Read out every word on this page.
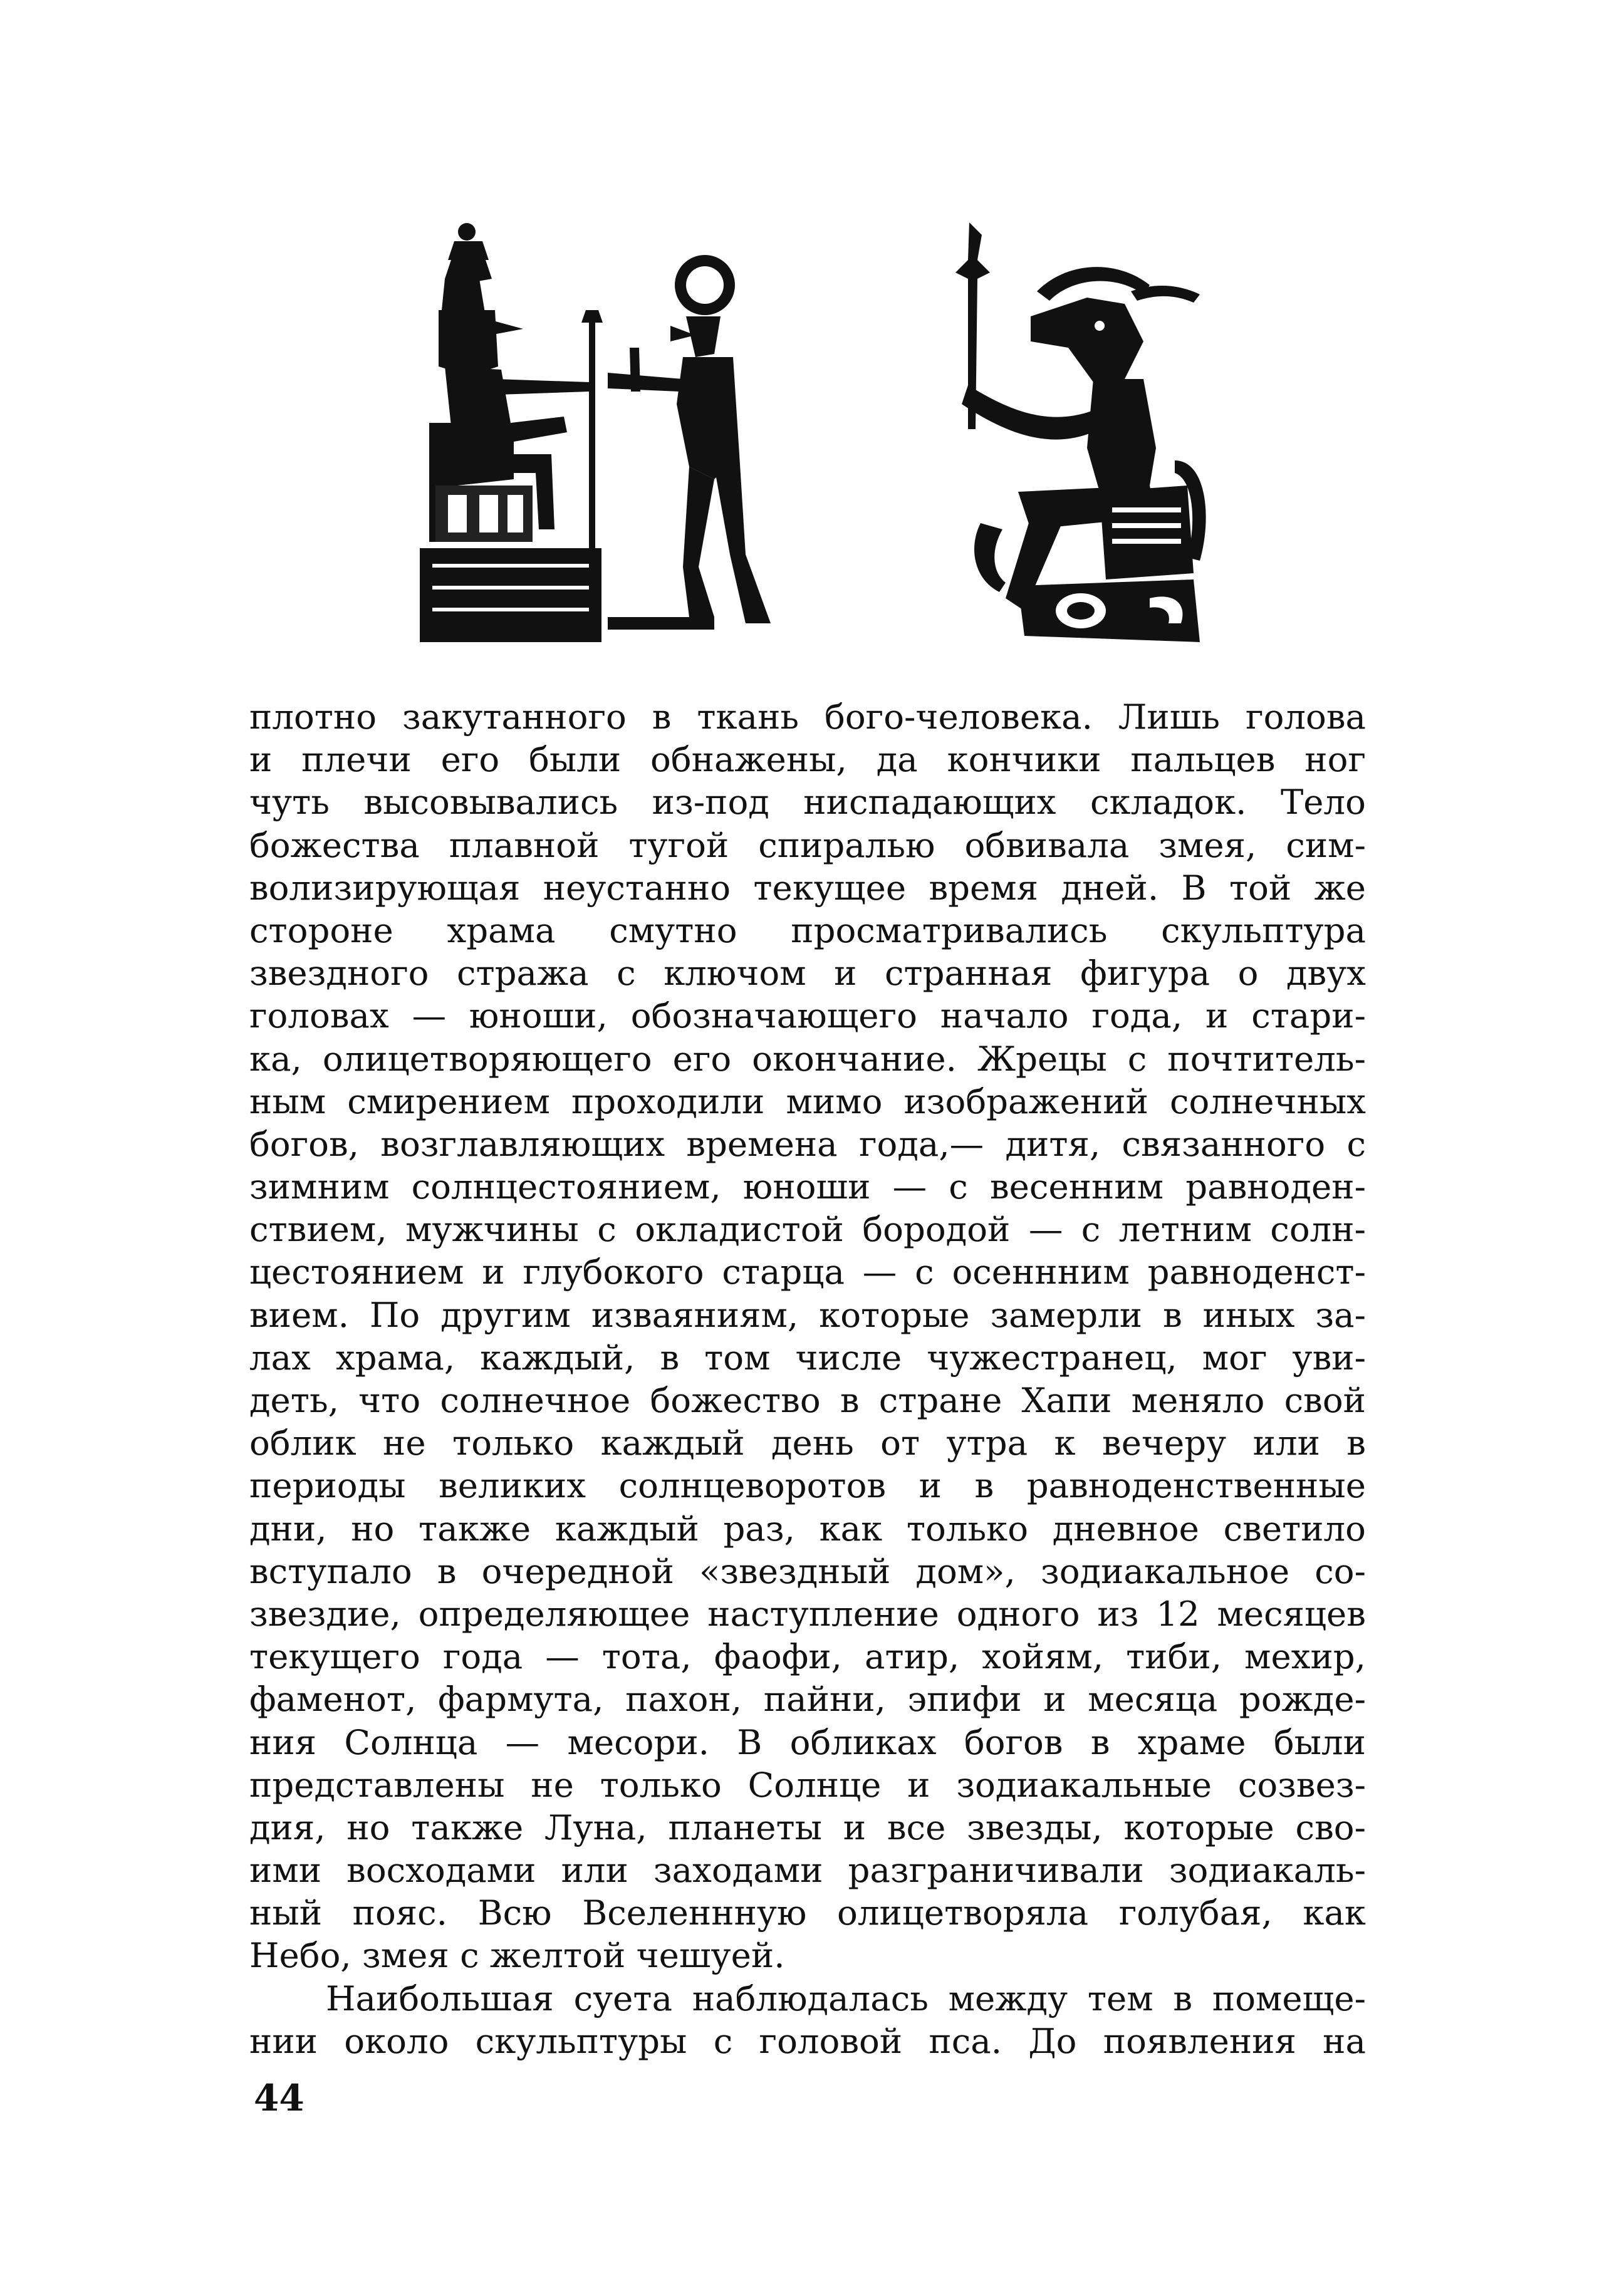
плотно закутанного в ткань бого-человека. Лишь голова
и плечи его были обнажены, да кончики пальцев ног
чуть высовывались из-под ниспадающих складок. Тело
божества плавной тугой спиралью обвивала змея, сим-
волизирующая неустанно текущее время дней. В той же
стороне храма смутно просматривались скульптура
звездного стража с ключом и странная фигура о двух
головах — юноши, обозначающего начало года, и стари-
ка, олицетворяющего его окончание. Жрецы с почтитель-
ным смирением проходили мимо изображений солнечных
богов, возглавляющих времена года,— дитя, связанного с
зимним солнцестоянием, юноши — с весенним равноден-
ствием, мужчины с окладистой бородой — с летним солн-
цестоянием и глубокого старца — с осеннним равноденст-
вием. По другим изваяниям, которые замерли в иных за-
лах храма, каждый, в том числе чужестранец, мог уви-
деть, что солнечное божество в стране Хапи меняло свой
облик не только каждый день от утра к вечеру или в
периоды великих солнцеворотов и в равноденственные
дни, но также каждый раз, как только дневное светило
вступало в очередной «звездный дом», зодиакальное со-
звездие, определяющее наступление одного из 12 месяцев
текущего года — тота, фаофи, атир, хойям, тиби, мехир,
фаменот, фармута, пахон, пайни, эпифи и месяца рожде-
ния Солнца — месори. В обликах богов в храме были
представлены не только Солнце и зодиакальные созвез-
дия, но также Луна, планеты и все звезды, которые сво-
ими восходами или заходами разграничивали зодиакаль-
ный пояс. Всю Вселеннную олицетворяла голубая, как
Небо, змея с желтой чешуей.
Наибольшая суета наблюдалась между тем в помеще-
нии около скульптуры с головой пса. До появления на
44
